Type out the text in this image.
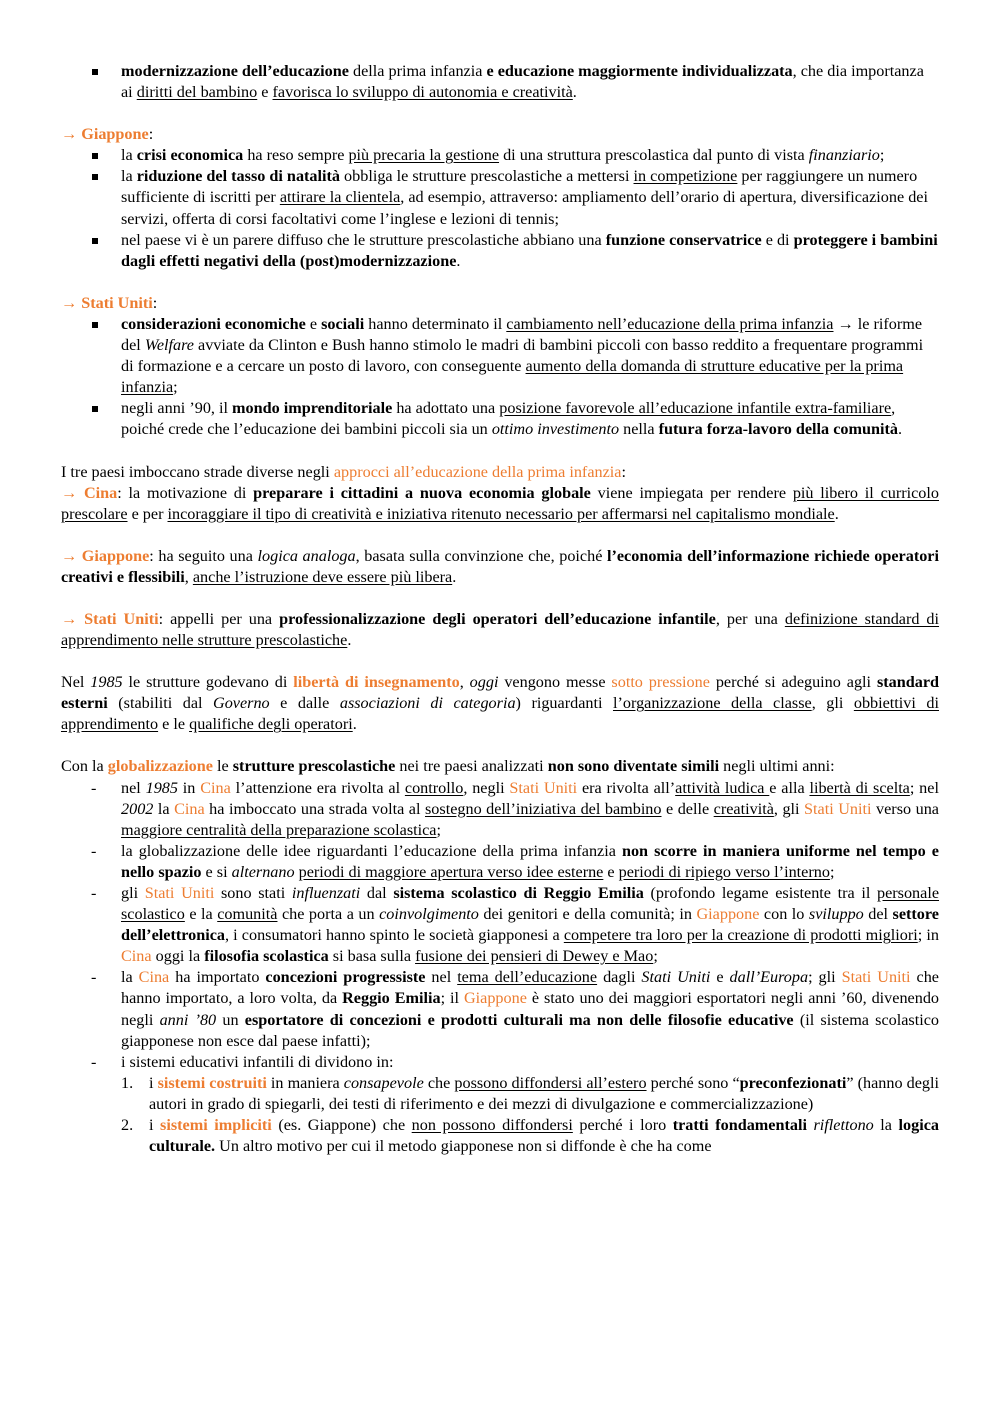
modernizzazione dell’educazione della prima infanzia e educazione maggiormente individualizzata, che dia importanza ai diritti del bambino e favorisca lo sviluppo di autonomia e creatività.

→ Giappone:

la crisi economica ha reso sempre più precaria la gestione di una struttura prescolastica dal punto di vista finanziario;
la riduzione del tasso di natalità obbliga le strutture prescolastiche a mettersi in competizione per raggiungere un numero sufficiente di iscritti per attirare la clientela, ad esempio, attraverso: ampliamento dell’orario di apertura, diversificazione dei servizi, offerta di corsi facoltativi come l’inglese e lezioni di tennis;
nel paese vi è un parere diffuso che le strutture prescolastiche abbiano una funzione conservatrice e di proteggere i bambini dagli effetti negativi della (post)modernizzazione.

→ Stati Uniti:

considerazioni economiche e sociali hanno determinato il cambiamento nell’educazione della prima infanzia → le riforme del Welfare avviate da Clinton e Bush hanno stimolo le madri di bambini piccoli con basso reddito a frequentare programmi di formazione e a cercare un posto di lavoro, con conseguente aumento della domanda di strutture educative per la prima infanzia;
negli anni ’90, il mondo imprenditoriale ha adottato una posizione favorevole all’educazione infantile extra-familiare, poiché crede che l’educazione dei bambini piccoli sia un ottimo investimento nella futura forza-lavoro della comunità.

I tre paesi imboccano strade diverse negli approcci all’educazione della prima infanzia:

→ Cina: la motivazione di preparare i cittadini a nuova economia globale viene impiegata per rendere più libero il curricolo prescolare e per incoraggiare il tipo di creatività e iniziativa ritenuto necessario per affermarsi nel capitalismo mondiale.

→ Giappone: ha seguito una logica analoga, basata sulla convinzione che, poiché l’economia dell’informazione richiede operatori creativi e flessibili, anche l’istruzione deve essere più libera.

→ Stati Uniti: appelli per una professionalizzazione degli operatori dell’educazione infantile, per una definizione standard di apprendimento nelle strutture prescolastiche.

Nel 1985 le strutture godevano di libertà di insegnamento, oggi vengono messe sotto pressione perché si adeguino agli standard esterni (stabiliti dal Governo e dalle associazioni di categoria) riguardanti l’organizzazione della classe, gli obbiettivi di apprendimento e le qualifiche degli operatori.

Con la globalizzazione le strutture prescolastiche nei tre paesi analizzati non sono diventate simili negli ultimi anni:

- nel 1985 in Cina l’attenzione era rivolta al controllo, negli Stati Uniti era rivolta all’attività ludica e alla libertà di scelta; nel 2002 la Cina ha imboccato una strada volta al sostegno dell’iniziativa del bambino e delle creatività, gli Stati Uniti verso una maggiore centralità della preparazione scolastica;
- la globalizzazione delle idee riguardanti l’educazione della prima infanzia non scorre in maniera uniforme nel tempo e nello spazio e si alternano periodi di maggiore apertura verso idee esterne e periodi di ripiego verso l’interno;
- gli Stati Uniti sono stati influenzati dal sistema scolastico di Reggio Emilia (profondo legame esistente tra il personale scolastico e la comunità che porta a un coinvolgimento dei genitori e della comunità; in Giappone con lo sviluppo del settore dell’elettronica, i consumatori hanno spinto le società giapponesi a competere tra loro per la creazione di prodotti migliori; in Cina oggi la filosofia scolastica si basa sulla fusione dei pensieri di Dewey e Mao;
- la Cina ha importato concezioni progressiste nel tema dell’educazione dagli Stati Uniti e dall’Europa; gli Stati Uniti che hanno importato, a loro volta, da Reggio Emilia; il Giappone è stato uno dei maggiori esportatori negli anni ’60, divenendo negli anni ’80 un esportatore di concezioni e prodotti culturali ma non delle filosofie educative (il sistema scolastico giapponese non esce dal paese infatti);
- i sistemi educativi infantili di dividono in:
1. i sistemi costruiti in maniera consapevole che possono diffondersi all’estero perché sono “preconfezionati” (hanno degli autori in grado di spiegarli, dei testi di riferimento e dei mezzi di divulgazione e commercializzazione)
2. i sistemi impliciti (es. Giappone) che non possono diffondersi perché i loro tratti fondamentali riflettono la logica culturale. Un altro motivo per cui il metodo giapponese non si diffonde è che ha come
